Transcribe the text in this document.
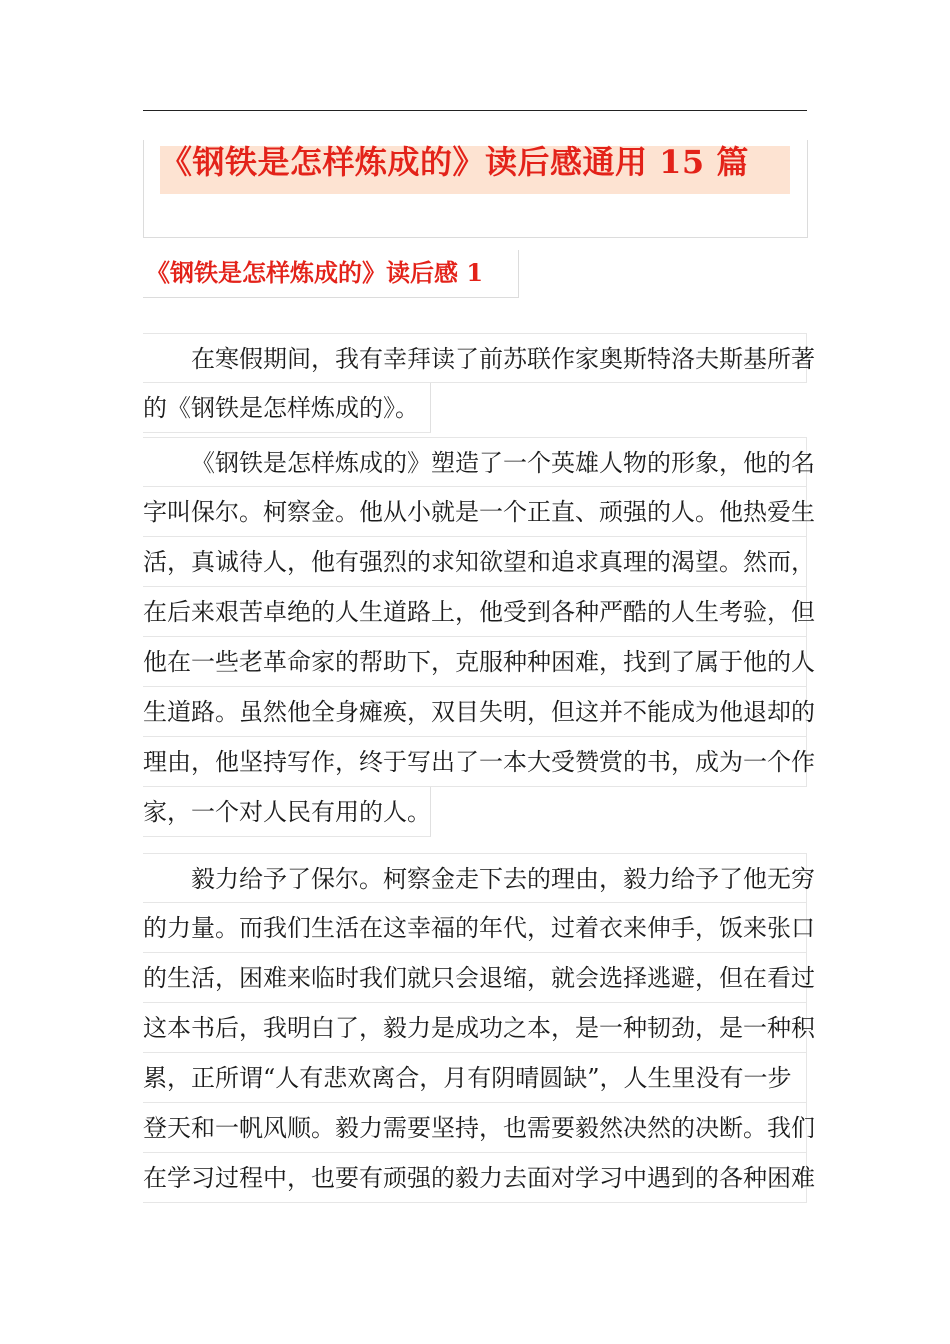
《钢铁是怎样炼成的》读后感通用 15 篇
《钢铁是怎样炼成的》读后感 1
在寒假期间，我有幸拜读了前苏联作家奥斯特洛夫斯基所著
的《钢铁是怎样炼成的》。
《钢铁是怎样炼成的》塑造了一个英雄人物的形象，他的名
字叫保尔。柯察金。他从小就是一个正直、顽强的人。他热爱生
活，真诚待人，他有强烈的求知欲望和追求真理的渴望。然而，
在后来艰苦卓绝的人生道路上，他受到各种严酷的人生考验，但
他在一些老革命家的帮助下，克服种种困难，找到了属于他的人
生道路。虽然他全身瘫痪，双目失明，但这并不能成为他退却的
理由，他坚持写作，终于写出了一本大受赞赏的书，成为一个作
家，一个对人民有用的人。
毅力给予了保尔。柯察金走下去的理由，毅力给予了他无穷
的力量。而我们生活在这幸福的年代，过着衣来伸手，饭来张口
的生活，困难来临时我们就只会退缩，就会选择逃避，但在看过
这本书后，我明白了，毅力是成功之本，是一种韧劲，是一种积
累，正所谓“人有悲欢离合，月有阴晴圆缺”，人生里没有一步
登天和一帆风顺。毅力需要坚持，也需要毅然决然的决断。我们
在学习过程中，也要有顽强的毅力去面对学习中遇到的各种困难
